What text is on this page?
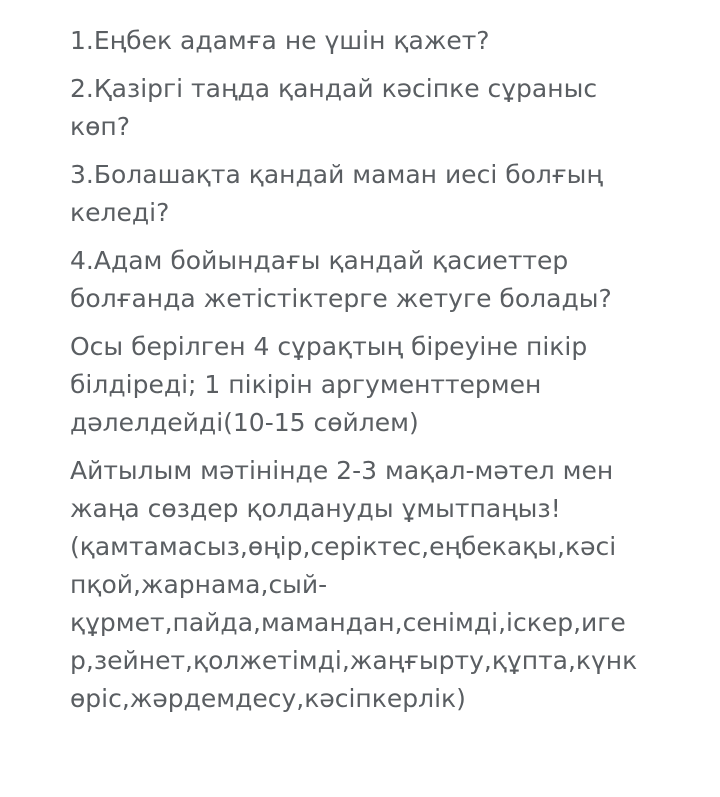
1.Еңбек адамға не үшін қажет?

2.Қазіргі таңда қандай кәсіпке сұраныс
көп?

3.Болашақта қандай маман иесі болғың
келеді?

4.Адам бойындағы қандай қасиеттер
болғанда жетістіктерге жетуге болады?

Осы берілген 4 сұрақтың біреуіне пікір
білдіреді; 1 пікірін аргументтермен
дәлелдейді(10-15 сөйлем)

Айтылым мәтінінде 2-3 мақал-мәтел мен
жаңа сөздер қолдануды ұмытпаңыз!
(қамтамасыз,өңір,серіктес,еңбекақы,кәсі
пқой,жарнама,сый-
құрмет,пайда,мамандан,сенімді,іскер,иге
р,зейнет,қолжетімді,жаңғырту,құпта,күнк
өріс,жәрдемдесу,кәсіпкерлік)
